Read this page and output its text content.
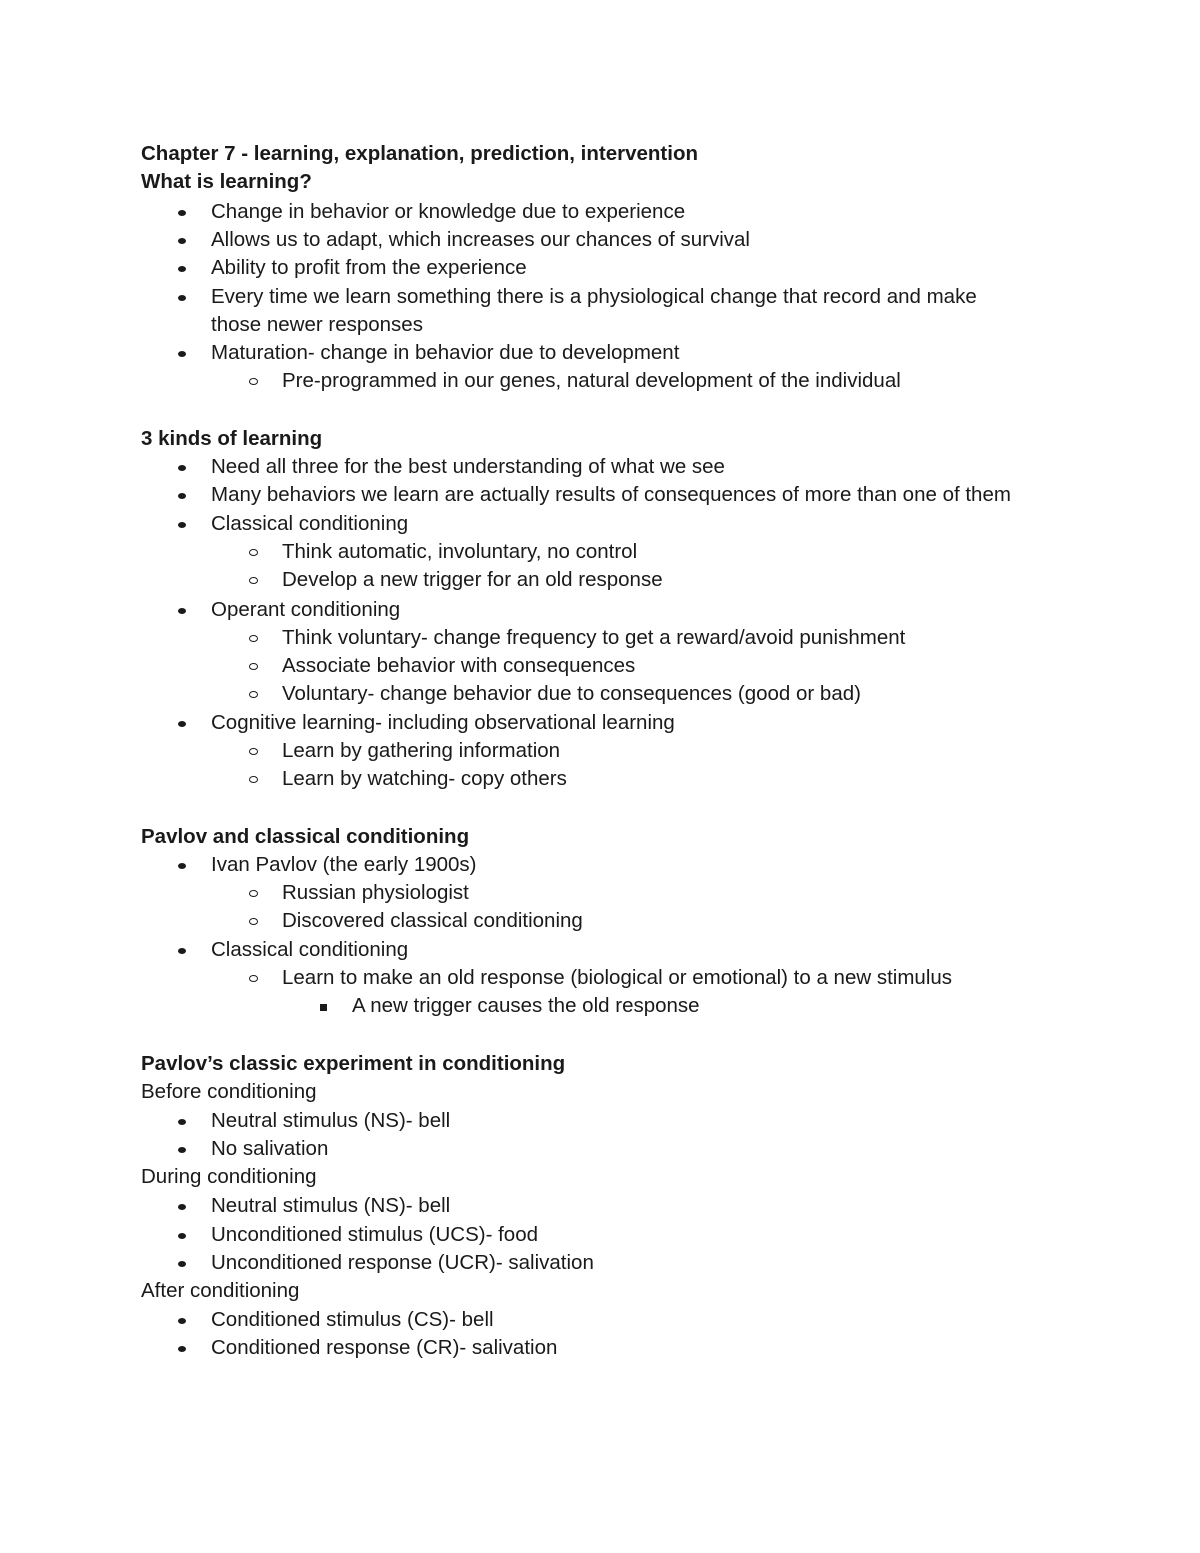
Chapter 7 - learning, explanation, prediction, intervention
What is learning?
Change in behavior or knowledge due to experience
Allows us to adapt, which increases our chances of survival
Ability to profit from the experience
Every time we learn something there is a physiological change that record and make
those newer responses
Maturation- change in behavior due to development
Pre-programmed in our genes, natural development of the individual
3 kinds of learning
Need all three for the best understanding of what we see
Many behaviors we learn are actually results of consequences of more than one of them
Classical conditioning
Think automatic, involuntary, no control
Develop a new trigger for an old response
Operant conditioning
Think voluntary- change frequency to get a reward/avoid punishment
Associate behavior with consequences
Voluntary- change behavior due to consequences (good or bad)
Cognitive learning- including observational learning
Learn by gathering information
Learn by watching- copy others
Pavlov and classical conditioning
Ivan Pavlov (the early 1900s)
Russian physiologist
Discovered classical conditioning
Classical conditioning
Learn to make an old response (biological or emotional) to a new stimulus
A new trigger causes the old response
Pavlov’s classic experiment in conditioning
Before conditioning
Neutral stimulus (NS)- bell
No salivation
During conditioning
Neutral stimulus (NS)- bell
Unconditioned stimulus (UCS)- food
Unconditioned response (UCR)- salivation
After conditioning
Conditioned stimulus (CS)- bell
Conditioned response (CR)- salivation
